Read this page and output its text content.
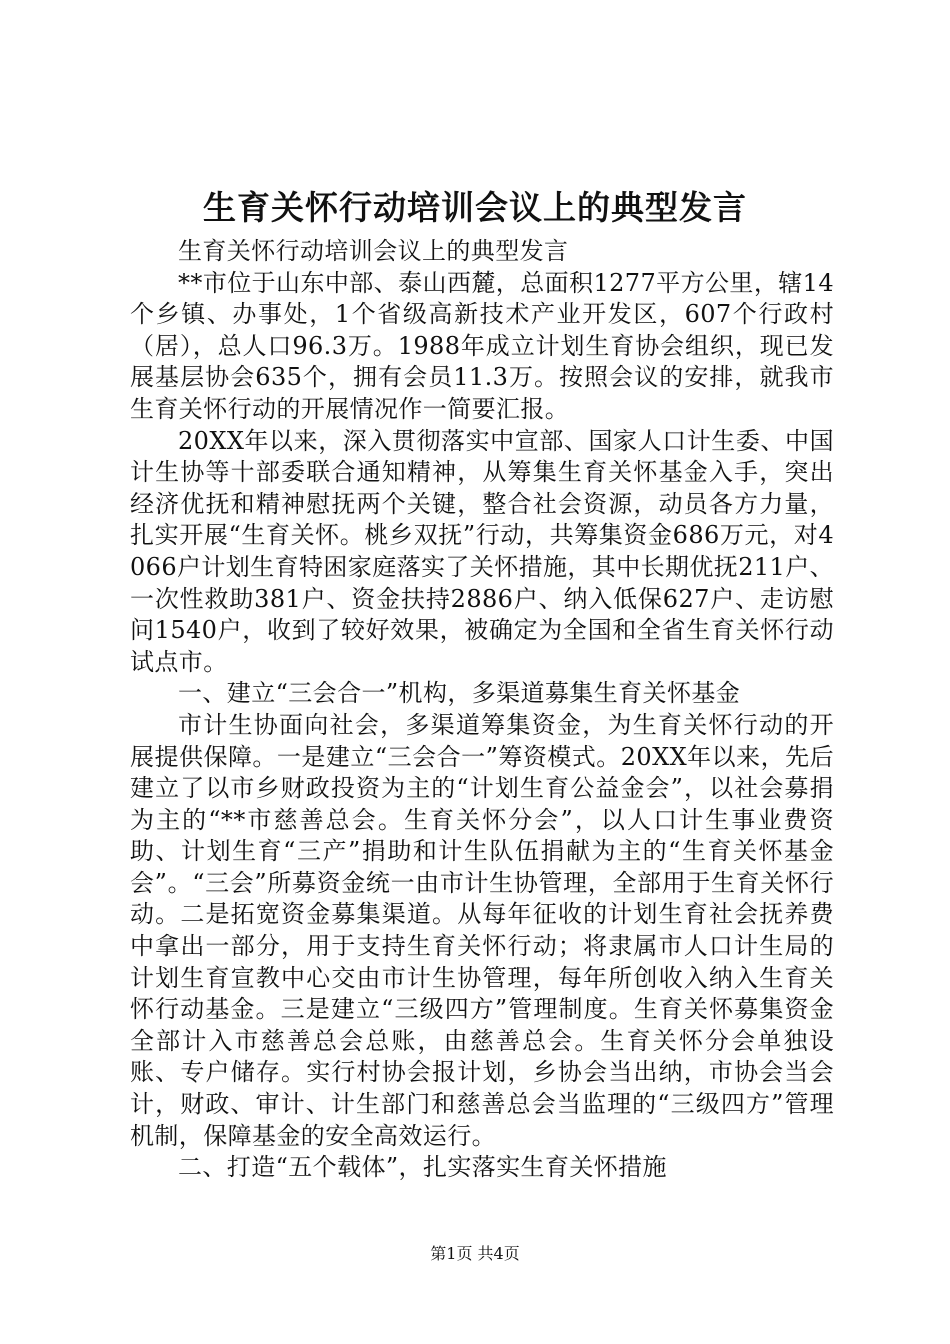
生育关怀行动培训会议上的典型发言

生育关怀行动培训会议上的典型发言

**市位于山东中部、泰山西麓，总面积1277平方公里，辖14个乡镇、办事处，1个省级高新技术产业开发区，607个行政村（居），总人口96.3万。1988年成立计划生育协会组织，现已发展基层协会635个，拥有会员11.3万。按照会议的安排，就我市生育关怀行动的开展情况作一简要汇报。

20XX年以来，深入贯彻落实中宣部、国家人口计生委、中国计生协等十部委联合通知精神，从筹集生育关怀基金入手，突出经济优抚和精神慰抚两个关键，整合社会资源，动员各方力量，扎实开展“生育关怀。桃乡双抚”行动，共筹集资金686万元，对4066户计划生育特困家庭落实了关怀措施，其中长期优抚211户、一次性救助381户、资金扶持2886户、纳入低保627户、走访慰问1540户，收到了较好效果，被确定为全国和全省生育关怀行动试点市。

一、建立“三会合一”机构，多渠道募集生育关怀基金

市计生协面向社会，多渠道筹集资金，为生育关怀行动的开展提供保障。一是建立“三会合一”筹资模式。20XX年以来，先后建立了以市乡财政投资为主的“计划生育公益金会”，以社会募捐为主的“**市慈善总会。生育关怀分会”，以人口计生事业费资助、计划生育“三产”捐助和计生队伍捐献为主的“生育关怀基金会”。“三会”所募资金统一由市计生协管理，全部用于生育关怀行动。二是拓宽资金募集渠道。从每年征收的计划生育社会抚养费中拿出一部分，用于支持生育关怀行动；将隶属市人口计生局的计划生育宣教中心交由市计生协管理，每年所创收入纳入生育关怀行动基金。三是建立“三级四方”管理制度。生育关怀募集资金全部计入市慈善总会总账，由慈善总会。生育关怀分会单独设账、专户储存。实行村协会报计划，乡协会当出纳，市协会当会计，财政、审计、计生部门和慈善总会当监理的“三级四方”管理机制，保障基金的安全高效运行。

二、打造“五个载体”，扎实落实生育关怀措施

第1页 共4页
